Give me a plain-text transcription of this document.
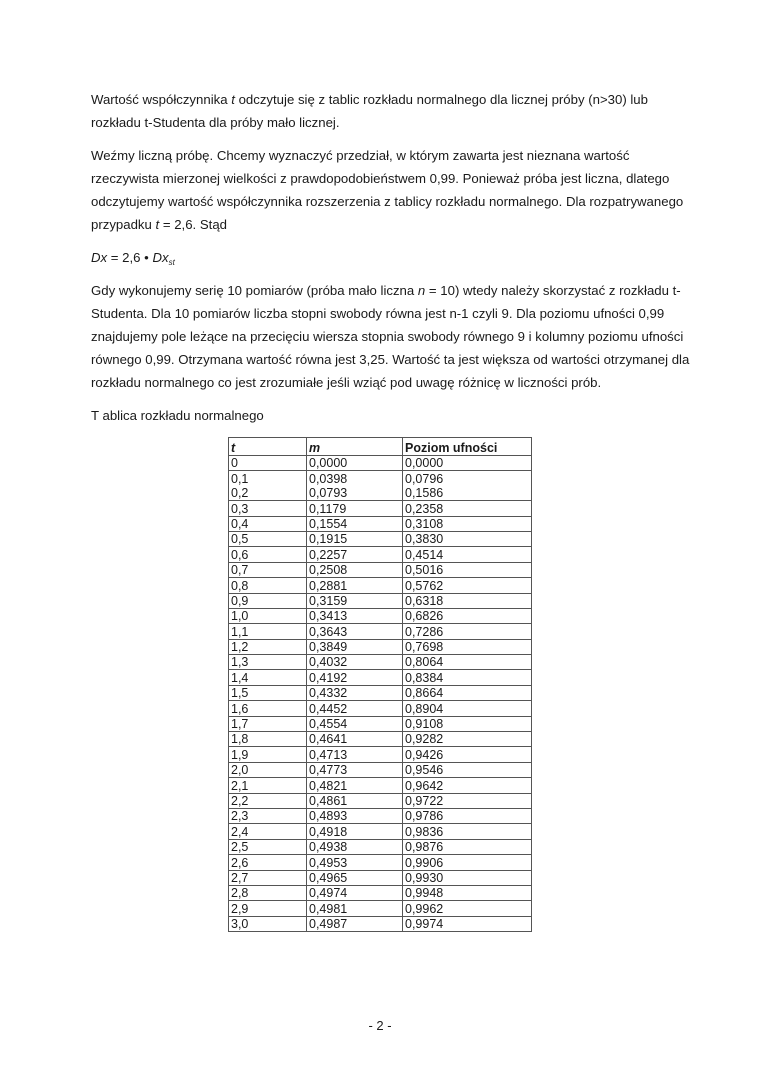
Wartość współczynnika t odczytuje się z tablic rozkładu normalnego dla licznej próby (n>30) lub rozkładu t-Studenta dla próby mało licznej.
Weźmy liczną próbę. Chcemy wyznaczyć przedział, w którym zawarta jest nieznana wartość rzeczywista mierzonej wielkości z prawdopodobieństwem 0,99. Ponieważ próba jest liczna, dlatego odczytujemy wartość współczynnika rozszerzenia z tablicy rozkładu normalnego. Dla rozpatrywanego przypadku t = 2,6. Stąd
Dx = 2,6 • $Dx_{st}$
Gdy wykonujemy serię 10 pomiarów (próba mało liczna n = 10) wtedy należy skorzystać z rozkładu t-Studenta. Dla 10 pomiarów liczba stopni swobody równa jest n-1 czyli 9. Dla poziomu ufności 0,99 znajdujemy pole leżące na przecięciu wiersza stopnia swobody równego 9 i kolumny poziomu ufności równego 0,99. Otrzymana wartość równa jest 3,25. Wartość ta jest większa od wartości otrzymanej dla rozkładu normalnego co jest zrozumiałe jeśli wziąć pod uwagę różnicę w liczności prób.
T ablica rozkładu normalnego
t	m	Poziom ufności
0	0,0000	0,0000
0,1	0,0398	0,0796
0,2	0,0793	0,1586
0,3	0,1179	0,2358
0,4	0,1554	0,3108
0,5	0,1915	0,3830
0,6	0,2257	0,4514
0,7	0,2508	0,5016
0,8	0,2881	0,5762
0,9	0,3159	0,6318
1,0	0,3413	0,6826
1,1	0,3643	0,7286
1,2	0,3849	0,7698
1,3	0,4032	0,8064
1,4	0,4192	0,8384
1,5	0,4332	0,8664
1,6	0,4452	0,8904
1,7	0,4554	0,9108
1,8	0,4641	0,9282
1,9	0,4713	0,9426
2,0	0,4773	0,9546
2,1	0,4821	0,9642
2,2	0,4861	0,9722
2,3	0,4893	0,9786
2,4	0,4918	0,9836
2,5	0,4938	0,9876
2,6	0,4953	0,9906
2,7	0,4965	0,9930
2,8	0,4974	0,9948
2,9	0,4981	0,9962
3,0	0,4987	0,9974
- 2 -
